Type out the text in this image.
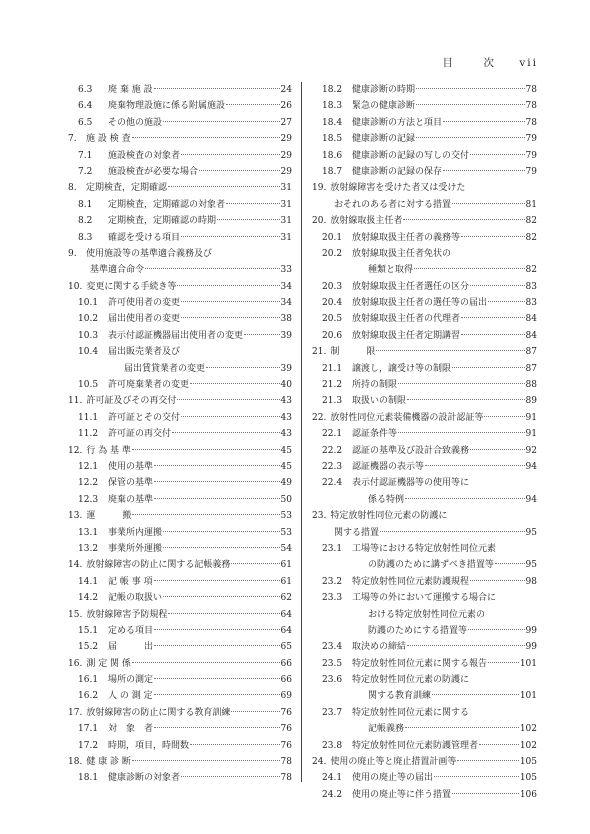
目　次 vii
6.3	廃 棄 施 設	24
6.4	廃棄物理設施に係る附属施設	26
6.5	その他の施設	27
7.	施 設 検 査	29
7.1	施設検査の対象者	29
7.2	施設検査が必要な場合	29
8.	定期検査，定期確認	31
8.1	定期検査，定期確認の対象者	31
8.2	定期検査，定期確認の時期	31
8.3	確認を受ける項目	31
9.	使用施設等の基準適合義務及び
基準適合命令	33
10. 変更に関する手続き等	34
10.1	許可使用者の変更	34
10.2	届出使用者の変更	38
10.3	表示付認証機器届出使用者の変更	39
10.4	届出販売業者及び
届出賃貸業者の変更	39
10.5	許可廃棄業者の変更	40
11. 許可証及びその再交付	43
11.1	許可証とその交付	43
11.2	許可証の再交付	43
12. 行 為 基 準	45
12.1	使用の基準	45
12.2	保管の基準	49
12.3	廃棄の基準	50
13. 運　　　搬	53
13.1	事業所内運搬	53
13.2	事業所外運搬	54
14. 放射線障害の防止に関する記帳義務	61
14.1	記 帳 事 項	61
14.2	記帳の取扱い	62
15. 放射線障害予防規程	64
15.1	定める項目	64
15.2	届　　　出	65
16. 測 定 関 係	66
16.1	場所の測定	66
16.2	人 の 測 定	69
17. 放射線障害の防止に関する教育訓練	76
17.1	対　象　者	76
17.2	時期，項目，時間数	76
18. 健 康 診 断	78
18.1	健康診断の対象者	78
18.2	健康診断の時期	78
18.3	緊急の健康診断	78
18.4	健康診断の方法と項目	78
18.5	健康診断の記録	79
18.6	健康診断の記録の写しの交付	79
18.7	健康診断の記録の保存	79
19. 放射線障害を受けた者又は受けた
おそれのある者に対する措置	81
20. 放射線取扱主任者	82
20.1	放射線取扱主任者の義務等	82
20.2	放射線取扱主任者免状の
種類と取得	82
20.3	放射線取扱主任者選任の区分	83
20.4	放射線取扱主任者の選任等の届出	83
20.5	放射線取扱主任者の代理者	84
20.6	放射線取扱主任者定期講習	84
21. 制　　　限	87
21.1	譲渡し，譲受け等の制限	87
21.2	所持の制限	88
21.3	取扱いの制限	89
22. 放射性同位元素装備機器の設計認証等	91
22.1	認証条件等	91
22.2	認証の基準及び設計合致義務	92
22.3	認証機器の表示等	94
22.4	表示付認証機器等の使用等に
係る特例	94
23. 特定放射性同位元素の防護に
関する措置	95
23.1	工場等における特定放射性同位元素
の防護のために講ずべき措置等	95
23.2	特定放射性同位元素防護規程	98
23.3	工場等の外において運搬する場合に
おける特定放射性同位元素の
防護のためにする措置等	99
23.4	取決めの締結	99
23.5	特定放射性同位元素に関する報告	101
23.6	特定放射性同位元素の防護に
関する教育訓練	101
23.7	特定放射性同位元素に関する
記帳義務	102
23.8	特定放射性同位元素防護管理者	102
24. 使用の廃止等と廃止措置計画等	105
24.1	使用の廃止等の届出	105
24.2	使用の廃止等に伴う措置	106
